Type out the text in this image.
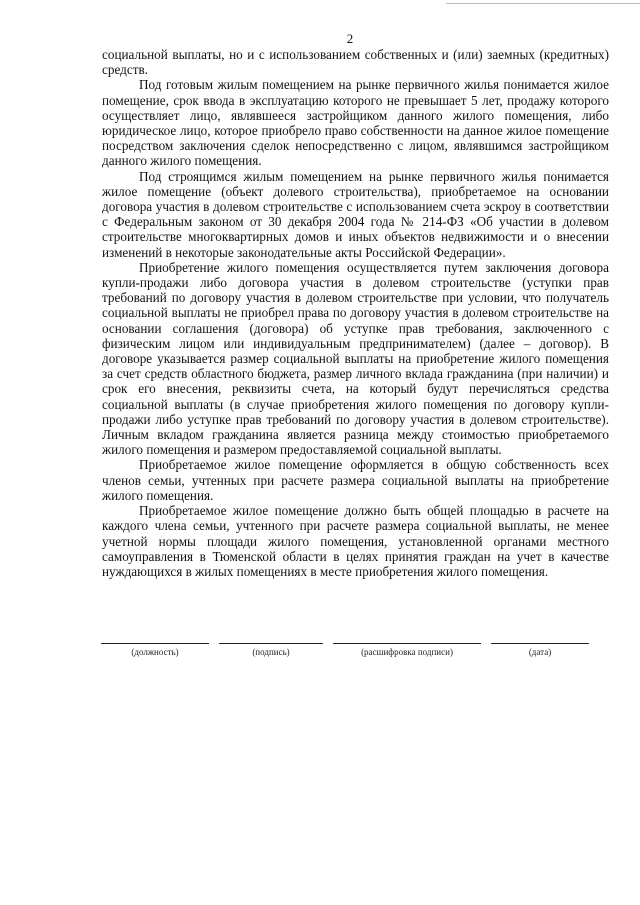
2

социальной выплаты, но и с использованием собственных и (или) заемных (кредитных) средств.

Под готовым жилым помещением на рынке первичного жилья понимается жилое помещение, срок ввода в эксплуатацию которого не превышает 5 лет, продажу которого осуществляет лицо, являвшееся застройщиком данного жилого помещения, либо юридическое лицо, которое приобрело право собственности на данное жилое помещение посредством заключения сделок непосредственно с лицом, являвшимся застройщиком данного жилого помещения.

Под строящимся жилым помещением на рынке первичного жилья понимается жилое помещение (объект долевого строительства), приобретаемое на основании договора участия в долевом строительстве с использованием счета эскроу в соответствии с Федеральным законом от 30 декабря 2004 года № 214-ФЗ «Об участии в долевом строительстве многоквартирных домов и иных объектов недвижимости и о внесении изменений в некоторые законодательные акты Российской Федерации».

Приобретение жилого помещения осуществляется путем заключения договора купли-продажи либо договора участия в долевом строительстве (уступки прав требований по договору участия в долевом строительстве при условии, что получатель социальной выплаты не приобрел права по договору участия в долевом строительстве на основании соглашения (договора) об уступке прав требования, заключенного с физическим лицом или индивидуальным предпринимателем) (далее – договор). В договоре указывается размер социальной выплаты на приобретение жилого помещения за счет средств областного бюджета, размер личного вклада гражданина (при наличии) и срок его внесения, реквизиты счета, на который будут перечисляться средства социальной выплаты (в случае приобретения жилого помещения по договору купли-продажи либо уступке прав требований по договору участия в долевом строительстве). Личным вкладом гражданина является разница между стоимостью приобретаемого жилого помещения и размером предоставляемой социальной выплаты.

Приобретаемое жилое помещение оформляется в общую собственность всех членов семьи, учтенных при расчете размера социальной выплаты на приобретение жилого помещения.

Приобретаемое жилое помещение должно быть общей площадью в расчете на каждого члена семьи, учтенного при расчете размера социальной выплаты, не менее учетной нормы площади жилого помещения, установленной органами местного самоуправления в Тюменской области в целях принятия граждан на учет в качестве нуждающихся в жилых помещениях в месте приобретения жилого помещения.

(должность)	(подпись)	(расшифровка подписи)	(дата)
